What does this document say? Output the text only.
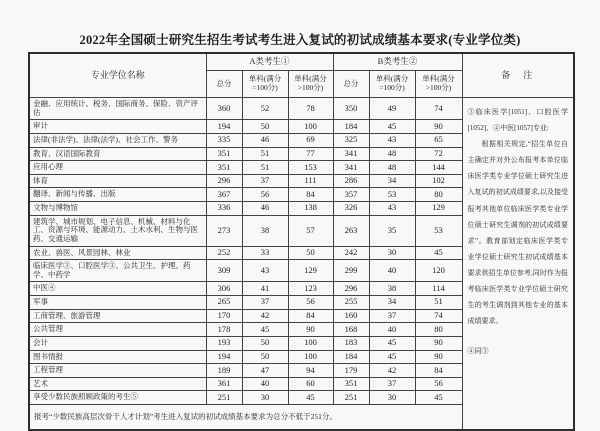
2022年全国硕士研究生招生考试考生进入复试的初试成绩基本要求(专业学位类)
专业学位名称	A类考生①			B类考生②			备　注
	总分	单科(满分=100分)	单科(满分>100分)	总分	单科(满分=100分)	单科(满分>100分)	
金融、应用统计、税务、国际商务、保险、资产评估	360	52	78	350	49	74	③临床医学[1051]、口腔医学[1052]、④中医[1057]专业:
根据相关规定,“招生单位自主确定并对外公布报考本单位临床医学类专业学位硕士研究生进入复试的初试成绩要求,以及接受报考其他单位临床医学类专业学位硕士研究生调剂的初试成绩要求”。教育部划定临床医学类专业学位硕士研究生初试成绩基本要求供招生单位参考,同时作为报考临床医学类专业学位硕士研究生的考生调剂到其他专业的基本成绩要求。
④同③

审计	194	50	100	184	45	90	
法律(非法学)、法律(法学)、社会工作、警务	335	46	69	325	43	65	
教育、汉语国际教育	351	51	77	341	48	72	
应用心理	351	51	153	341	48	144	
体育	296	37	111	286	34	102	
翻译、新闻与传播、出版	367	56	84	357	53	80	
文物与博物馆	336	46	138	326	43	129	
建筑学、城市规划、电子信息、机械、材料与化工、资源与环境、能源动力、土木水利、生物与医药、交通运输	273	38	57	263	35	53	
农业、兽医、风景园林、林业	252	33	50	242	30	45	
临床医学③、口腔医学③、公共卫生、护理、药学、中药学	309	43	129	299	40	120	
中医④	306	41	123	296	38	114	
军事	265	37	56	255	34	51	
工商管理、旅游管理	170	42	84	160	37	74	
公共管理	178	45	90	168	40	80	
会计	193	50	100	183	45	90	
图书情报	194	50	100	184	45	90	
工程管理	189	47	94	179	42	84	
艺术	361	40	60	351	37	56	
享受少数民族照顾政策的考生⑤	251	30	45	251	30	45	
报考“少数民族高层次骨干人才计划”考生进入复试的初试成绩基本要求为总分不低于251分。							
